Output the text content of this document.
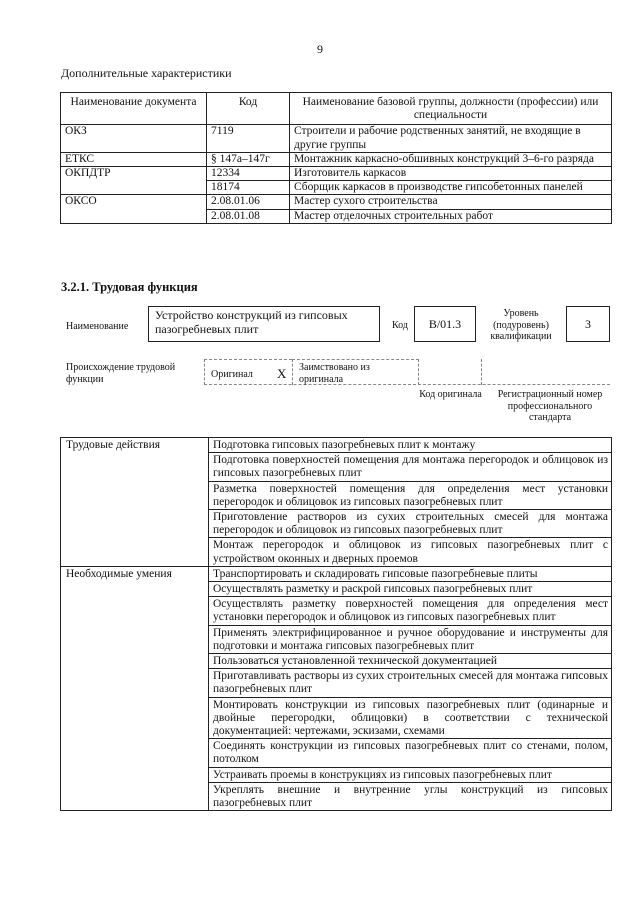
9
Дополнительные характеристики
Наименование документа	Код	Наименование базовой группы, должности (профессии) или специальности
ОКЗ	7119	Строители и рабочие родственных занятий, не входящие в другие группы
ЕТКС	§ 147а–147г	Монтажник каркасно-обшивных конструкций 3–6-го разряда
ОКПДТР	12334	Изготовитель каркасов
	18174	Сборщик каркасов в производстве гипсобетонных панелей
ОКСО	2.08.01.06	Мастер сухого строительства
	2.08.01.08	Мастер отделочных строительных работ
3.2.1. Трудовая функция
Наименование
Устройство конструкций из гипсовых пазогребневых плит	Код	B/01.3
Уровень (подуровень) квалификации
3
Происхождение трудовой функции	Оригинал X Заимствовано из оригинала
Код оригинала	Регистрационный номер профессионального стандарта
Трудовые действия	Подготовка гипсовых пазогребневых плит к монтажу
	Подготовка поверхностей помещения для монтажа перегородок и облицовок из гипсовых пазогребневых плит
	Разметка поверхностей помещения для определения мест установки перегородок и облицовок из гипсовых пазогребневых плит
	Приготовление растворов из сухих строительных смесей для монтажа перегородок и облицовок из гипсовых пазогребневых плит
	Монтаж перегородок и облицовок из гипсовых пазогребневых плит с устройством оконных и дверных проемов
Необходимые умения	Транспортировать и складировать гипсовые пазогребневые плиты
	Осуществлять разметку и раскрой гипсовых пазогребневых плит
	Осуществлять разметку поверхностей помещения для определения мест установки перегородок и облицовок из гипсовых пазогребневых плит
	Применять электрифицированное и ручное оборудование и инструменты для подготовки и монтажа гипсовых пазогребневых плит
	Пользоваться установленной технической документацией
	Приготавливать растворы из сухих строительных смесей для монтажа гипсовых пазогребневых плит
	Монтировать конструкции из гипсовых пазогребневых плит (одинарные и двойные перегородки, облицовки) в соответствии с технической документацией: чертежами, эскизами, схемами
	Соединять конструкции из гипсовых пазогребневых плит со стенами, полом, потолком
	Устраивать проемы в конструкциях из гипсовых пазогребневых плит
	Укреплять внешние и внутренние углы конструкций из гипсовых пазогребневых плит
